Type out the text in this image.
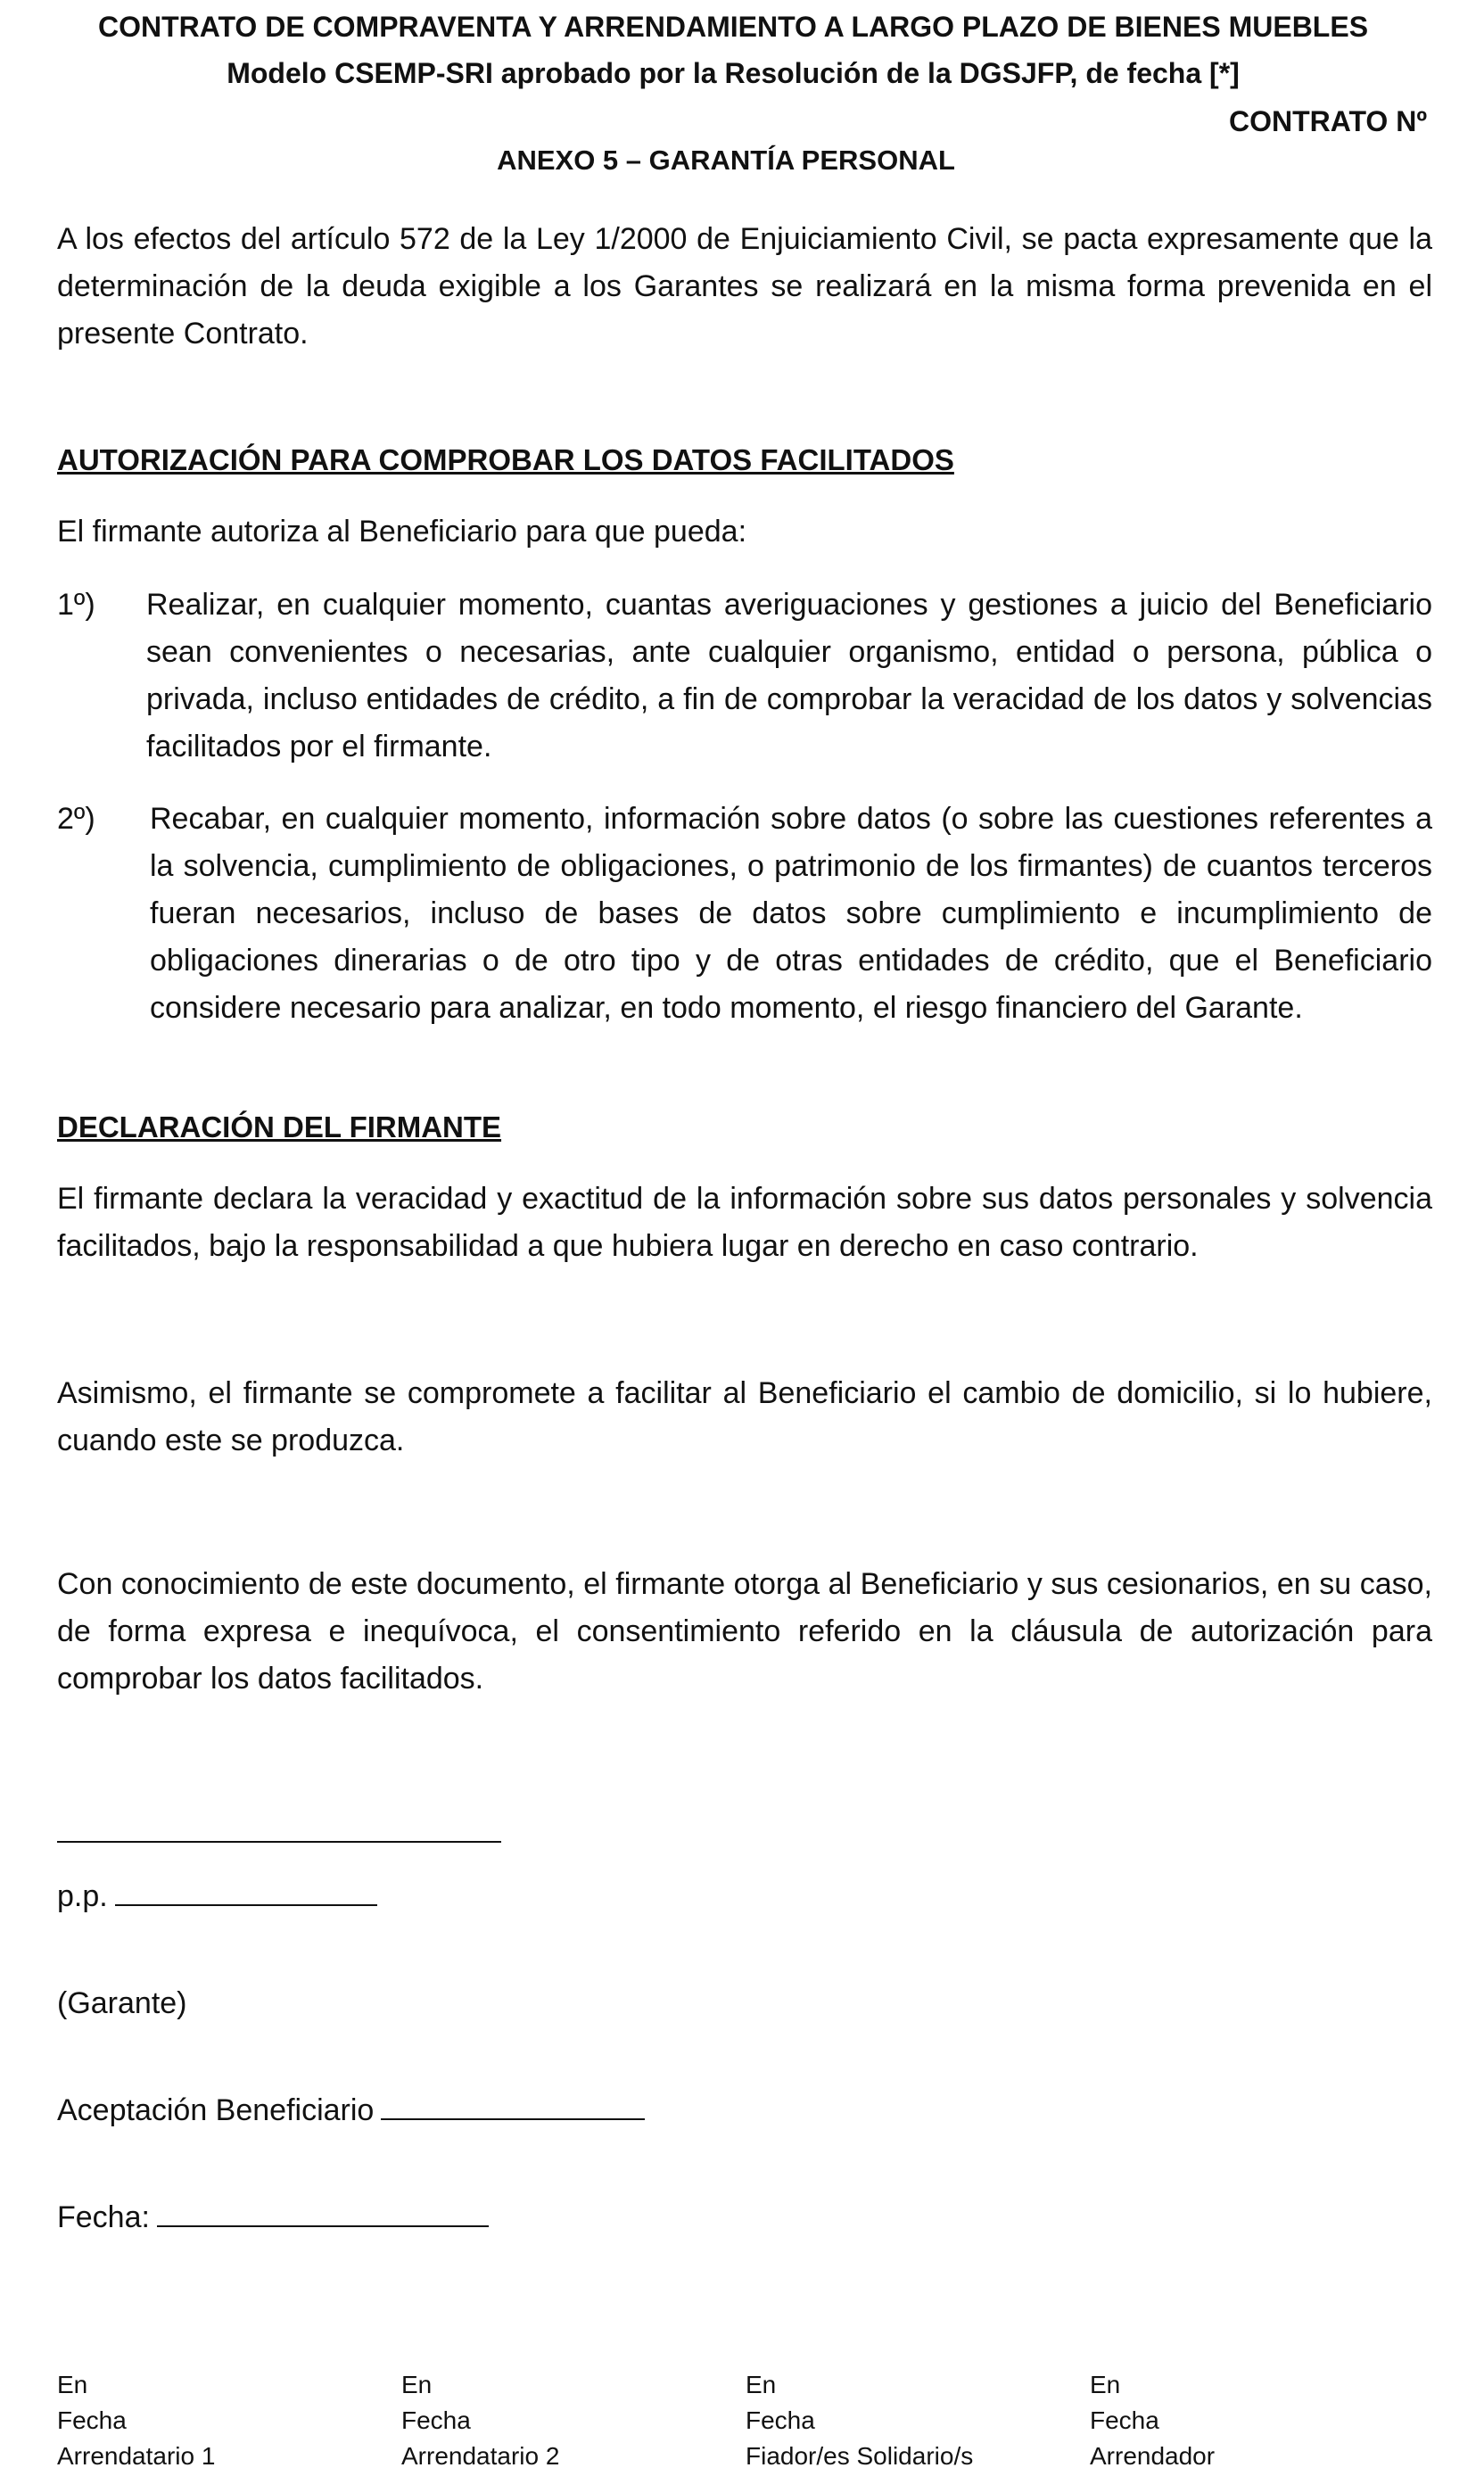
CONTRATO DE COMPRAVENTA Y ARRENDAMIENTO A LARGO PLAZO DE BIENES MUEBLES
Modelo CSEMP-SRI aprobado por la Resolución de la DGSJFP, de fecha [*]
CONTRATO Nº
ANEXO 5 – GARANTÍA PERSONAL
A los efectos del artículo 572 de la Ley 1/2000 de Enjuiciamiento Civil, se pacta expresamente que la determinación de la deuda exigible a los Garantes se realizará en la misma forma prevenida en el presente Contrato.
AUTORIZACIÓN PARA COMPROBAR LOS DATOS FACILITADOS
El firmante autoriza al Beneficiario para que pueda:
1º) Realizar, en cualquier momento, cuantas averiguaciones y gestiones a juicio del Beneficiario sean convenientes o necesarias, ante cualquier organismo, entidad o persona, pública o privada, incluso entidades de crédito, a fin de comprobar la veracidad de los datos y solvencias facilitados por el firmante.
2º) Recabar, en cualquier momento, información sobre datos (o sobre las cuestiones referentes a la solvencia, cumplimiento de obligaciones, o patrimonio de los firmantes) de cuantos terceros fueran necesarios, incluso de bases de datos sobre cumplimiento e incumplimiento de obligaciones dinerarias o de otro tipo y de otras entidades de crédito, que el Beneficiario considere necesario para analizar, en todo momento, el riesgo financiero del Garante.
DECLARACIÓN DEL FIRMANTE
El firmante declara la veracidad y exactitud de la información sobre sus datos personales y solvencia facilitados, bajo la responsabilidad a que hubiera lugar en derecho en caso contrario.
Asimismo, el firmante se compromete a facilitar al Beneficiario el cambio de domicilio, si lo hubiere, cuando este se produzca.
Con conocimiento de este documento, el firmante otorga al Beneficiario y sus cesionarios, en su caso, de forma expresa e inequívoca, el consentimiento referido en la cláusula de autorización para comprobar los datos facilitados.
p.p.
(Garante)
Aceptación Beneficiario
Fecha:
En
Fecha
Arrendatario 1
En
Fecha
Arrendatario 2
En
Fecha
Fiador/es Solidario/s
En
Fecha
Arrendador
